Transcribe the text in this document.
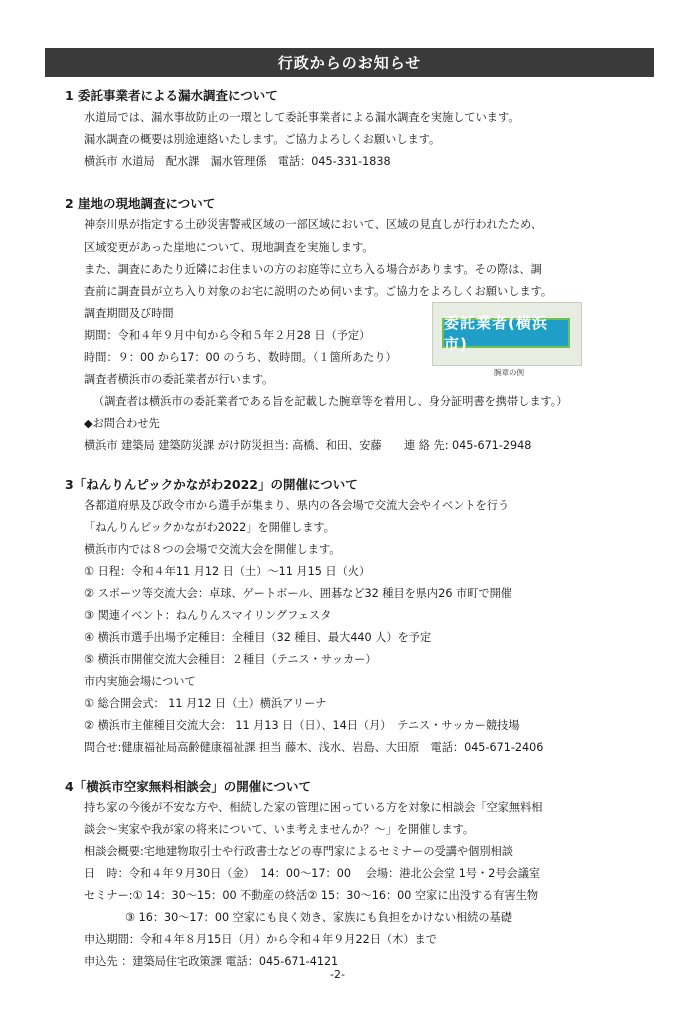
行政からのお知らせ
1 委託事業者による漏水調査について
水道局では、漏水事故防止の一環として委託事業者による漏水調査を実施しています。
漏水調査の概要は別途連絡いたします。ご協力よろしくお願いします。
横浜市 水道局　配水課　漏水管理係　電話：045-331-1838
2 崖地の現地調査について
神奈川県が指定する土砂災害警戒区域の一部区域において、区域の見直しが行われたため、
区域変更があった崖地について、現地調査を実施します。
また、調査にあたり近隣にお住まいの方のお庭等に立ち入る場合があります。その際は、調
査前に調査員が立ち入り対象のお宅に説明のため伺います。ご協力をよろしくお願いします。
調査期間及び時間
期間：令和４年９月中旬から令和５年２月28 日（予定）
時間：９：00 から17：00 のうち、数時間。（１箇所あたり）
調査者横浜市の委託業者が行います。
（調査者は横浜市の委託業者である旨を記載した腕章等を着用し、身分証明書を携帯します。）
◆お問合わせ先
横浜市 建築局 建築防災課 がけ防災担当: 高橋、和田、安藤　　連 絡 先: 045-671-2948
委託業者(横浜市)
腕章の例
3「ねんりんピックかながわ2022」の開催について
各都道府県及び政令市から選手が集まり、県内の各会場で交流大会やイベントを行う
「ねんりんピックかながわ2022」を開催します。
横浜市内では８つの会場で交流大会を開催します。
① 日程：令和４年11 月12 日（土）～11 月15 日（火）
② スポーツ等交流大会：卓球、ゲートボール、囲碁など32 種目を県内26 市町で開催
③ 関連イベント：ねんりんスマイリングフェスタ
④ 横浜市選手出場予定種目：全種目（32 種目、最大440 人）を予定
⑤ 横浜市開催交流大会種目：２種目（テニス・サッカー）
市内実施会場について
① 総合開会式： 11 月12 日（土）横浜アリーナ
② 横浜市主催種目交流大会： 11 月13 日（日）、14日（月）　テニス・サッカー競技場
問合せ:健康福祉局高齢健康福祉課 担当 藤木、浅水、岩島、大田原　電話：045-671-2406
4「横浜市空家無料相談会」の開催について
持ち家の今後が不安な方や、相続した家の管理に困っている方を対象に相談会「空家無料相
談会～実家や我が家の将来について、いま考えませんか？～」を開催します。
相談会概要:宅地建物取引士や行政書士などの専門家によるセミナーの受講や個別相談
日　時：令和４年９月30日（金）　14：00～17：00　 会場：港北公会堂 1号・2号会議室
セミナー:① 14：30～15：00 不動産の終活② 15：30～16：00 空家に出没する有害生物
③ 16：30～17：00 空家にも良く効き、家族にも負担をかけない相続の基礎
申込期間：令和４年８月15日（月）から令和４年９月22日（木）まで
申込先 ：建築局住宅政策課 電話：045-671-4121
-2-
